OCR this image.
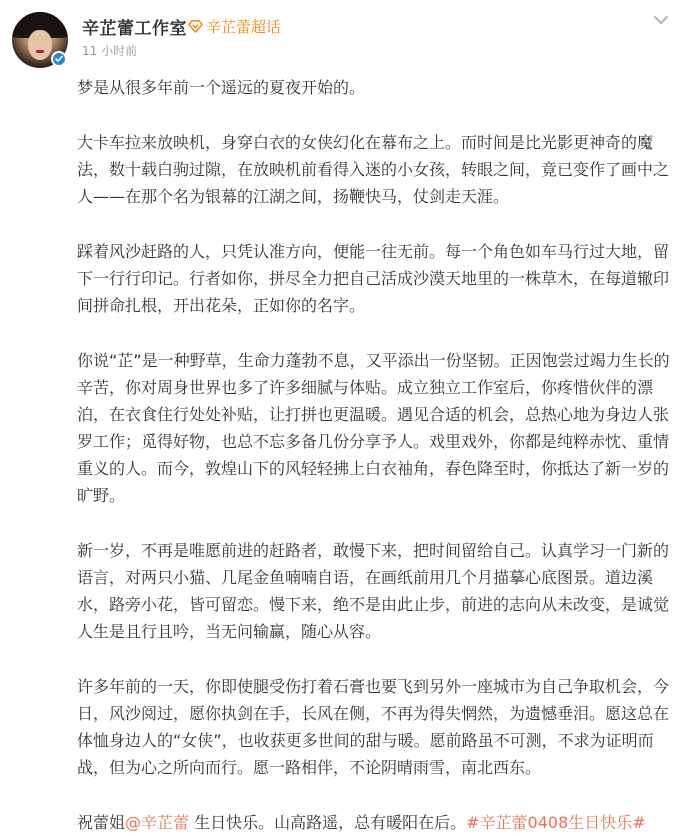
辛芷蕾工作室 辛芷蕾超话
11 小时前

梦是从很多年前一个遥远的夏夜开始的。

大卡车拉来放映机，身穿白衣的女侠幻化在幕布之上。而时间是比光影更神奇的魔法，数十载白驹过隙，在放映机前看得入迷的小女孩，转眼之间，竟已变作了画中之人——在那个名为银幕的江湖之间，扬鞭快马，仗剑走天涯。

踩着风沙赶路的人，只凭认准方向，便能一往无前。每一个角色如车马行过大地，留下一行行印记。行者如你，拼尽全力把自己活成沙漠天地里的一株草木，在每道辙印间拼命扎根，开出花朵，正如你的名字。

你说“芷”是一种野草，生命力蓬勃不息，又平添出一份坚韧。正因饱尝过竭力生长的辛苦，你对周身世界也多了许多细腻与体贴。成立独立工作室后，你疼惜伙伴的漂泊，在衣食住行处处补贴，让打拼也更温暖。遇见合适的机会，总热心地为身边人张罗工作；觅得好物，也总不忘多备几份分享予人。戏里戏外，你都是纯粹赤忱、重情重义的人。而今，敦煌山下的风轻轻拂上白衣袖角，春色降至时，你抵达了新一岁的旷野。

新一岁，不再是唯愿前进的赶路者，敢慢下来，把时间留给自己。认真学习一门新的语言，对两只小猫、几尾金鱼喃喃自语，在画纸前用几个月描摹心底图景。道边溪水，路旁小花，皆可留恋。慢下来，绝不是由此止步，前进的志向从未改变，是诚觉人生是且行且吟，当无问输赢，随心从容。

许多年前的一天，你即使腿受伤打着石膏也要飞到另外一座城市为自己争取机会，今日，风沙阅过，愿你执剑在手，长风在侧，不再为得失惘然，为遗憾垂泪。愿这总在体恤身边人的“女侠”，也收获更多世间的甜与暖。愿前路虽不可测，不求为证明而战，但为心之所向而行。愿一路相伴，不论阴晴雨雪，南北西东。

祝蕾姐@辛芷蕾 生日快乐。山高路遥，总有暖阳在后。#辛芷蕾0408生日快乐#
